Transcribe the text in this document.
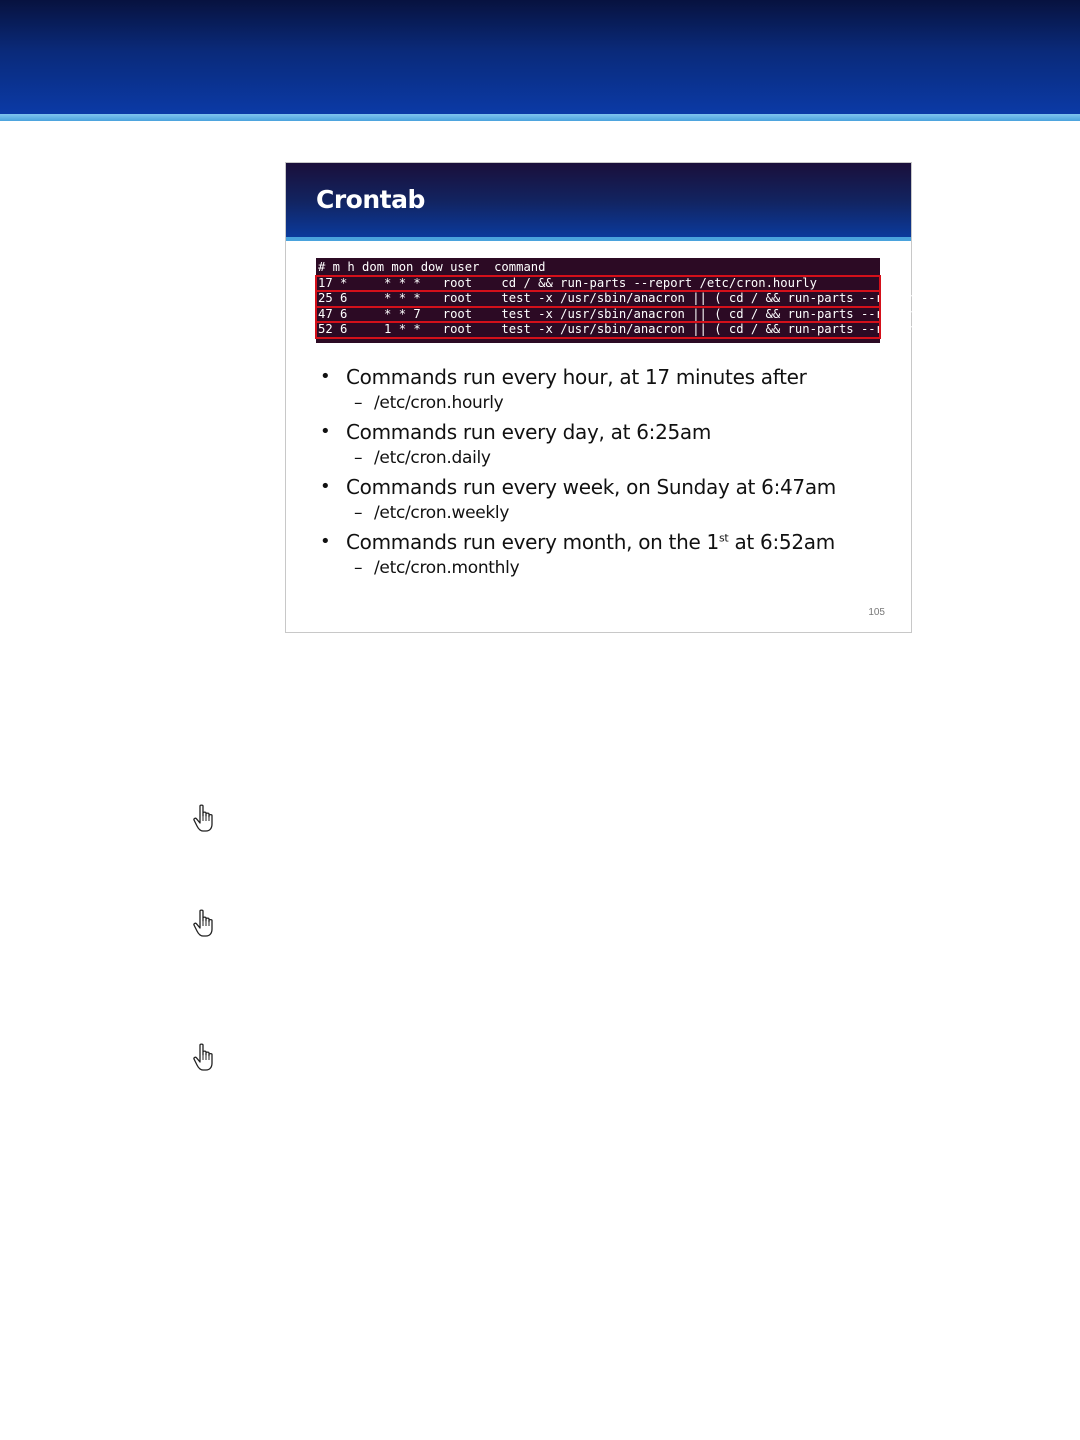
Crontab
# m h dom mon dow user  command
17 *     * * *   root    cd / && run-parts --report /etc/cron.hourly
25 6     * * *   root    test -x /usr/sbin/anacron || ( cd / && run-parts --report /etc/cron.daily )
47 6     * * 7   root    test -x /usr/sbin/anacron || ( cd / && run-parts --report /etc/cron.weekly )
52 6     1 * *   root    test -x /usr/sbin/anacron || ( cd / && run-parts --report /etc/cron.monthly )
• Commands run every hour, at 17 minutes after
– /etc/cron.hourly
• Commands run every day, at 6:25am
– /etc/cron.daily
• Commands run every week, on Sunday at 6:47am
– /etc/cron.weekly
• Commands run every month, on the 1st at 6:52am
– /etc/cron.monthly
105
